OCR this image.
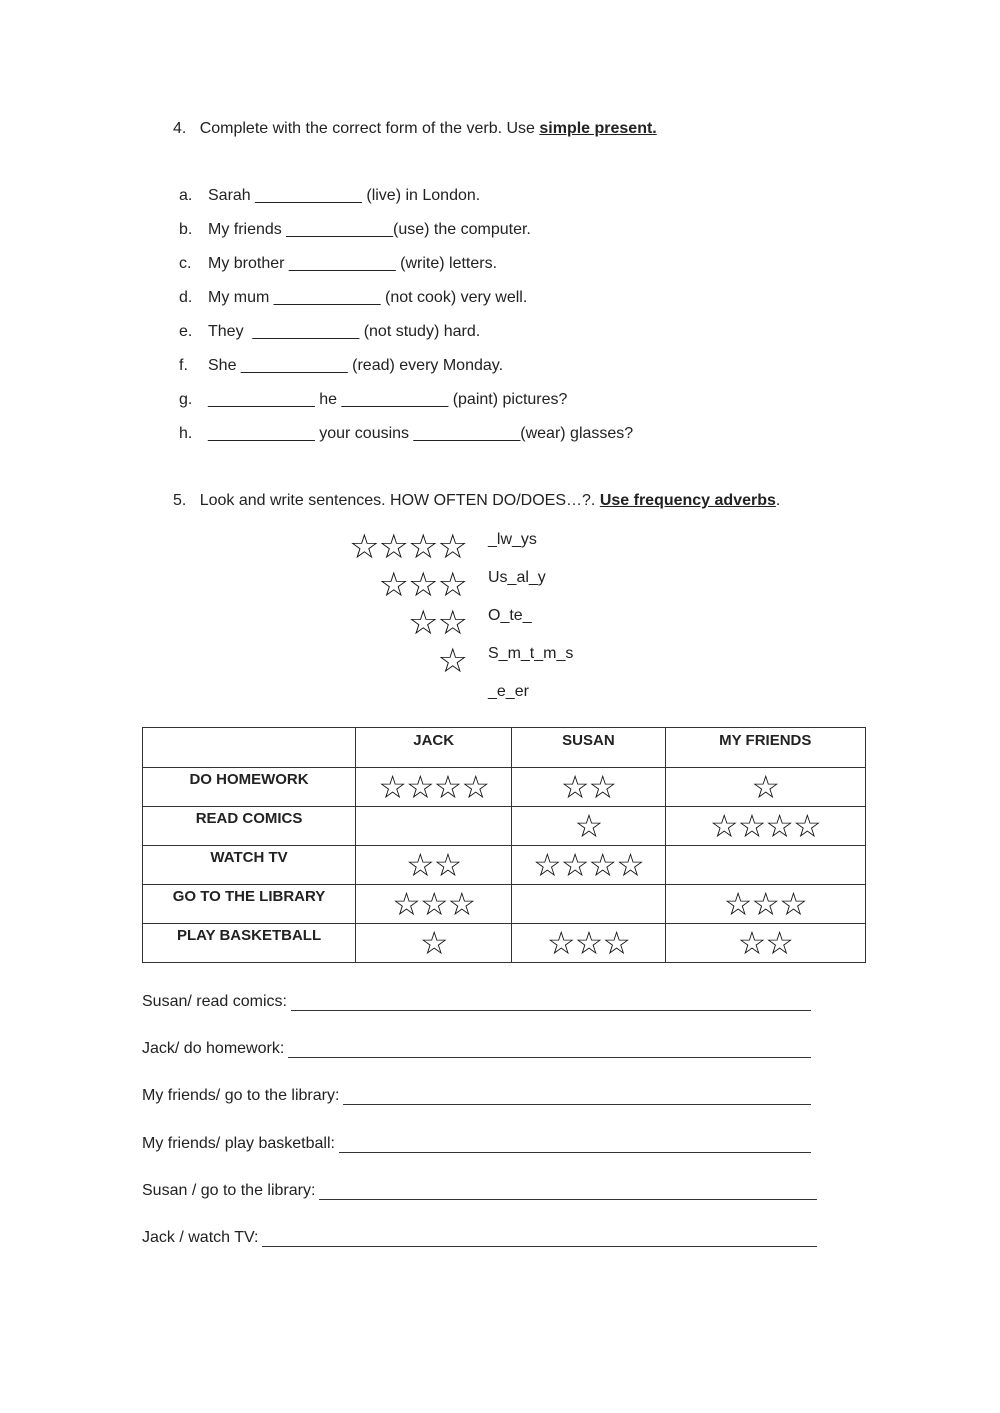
4. Complete with the correct form of the verb. Use simple present.
a. Sarah ____________ (live) in London.
b. My friends ____________(use) the computer.
c. My brother ____________ (write) letters.
d. My mum ____________ (not cook) very well.
e. They  ____________ (not study) hard.
f. She ____________ (read) every Monday.
g. ____________ he ____________ (paint) pictures?
h. ____________ your cousins ____________(wear) glasses?
5. Look and write sentences. HOW OFTEN DO/DOES…?. Use frequency adverbs.
☆☆☆☆ _lw_ys
☆☆☆ Us_al_y
☆☆ O_te_
☆ S_m_t_m_s
_e_er
	JACK	SUSAN	MY FRIENDS
DO HOMEWORK	☆☆☆☆	☆☆	☆
READ COMICS		☆	☆☆☆☆
WATCH TV	☆☆	☆☆☆☆	
GO TO THE LIBRARY	☆☆☆		☆☆☆
PLAY BASKETBALL	☆	☆☆☆	☆☆
Susan/ read comics:
Jack/ do homework:
My friends/ go to the library:
My friends/ play basketball:
Susan / go to the library:
Jack / watch TV:
